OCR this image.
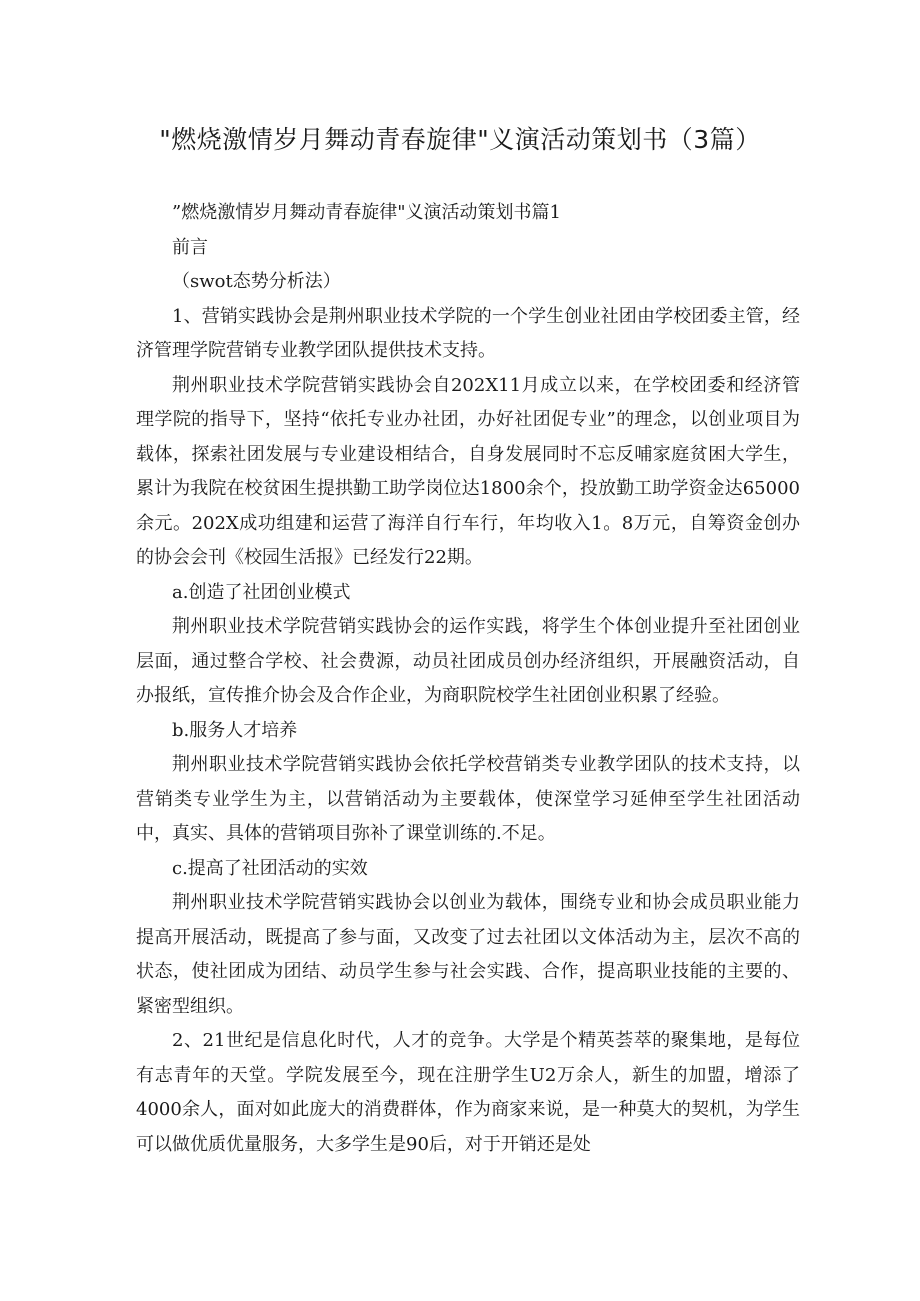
"燃烧激情岁月舞动青春旋律"义演活动策划书（3篇）

”燃烧激情岁月舞动青春旋律"义演活动策划书篇1

前言

（swot态势分析法）

1、营销实践协会是荆州职业技术学院的一个学生创业社团由学校团委主管，经济管理学院营销专业教学团队提供技术支持。

荆州职业技术学院营销实践协会自202X11月成立以来，在学校团委和经济管理学院的指导下，坚持“依托专业办社团，办好社团促专业”的理念，以创业项目为载体，探索社团发展与专业建设相结合，自身发展同时不忘反哺家庭贫困大学生，累计为我院在校贫困生提拱勤工助学岗位达1800余个，投放勤工助学资金达65000余元。202X成功组建和运营了海洋自行车行，年均收入1。8万元，自筹资金创办的协会会刊《校园生活报》已经发行22期。

a.创造了社团创业模式

荆州职业技术学院营销实践协会的运作实践，将学生个体创业提升至社团创业层面，通过整合学校、社会费源，动员社团成员创办经济组织，开展融资活动，自办报纸，宣传推介协会及合作企业，为商职院校学生社团创业积累了经验。

b.服务人才培养

荆州职业技术学院营销实践协会依托学校营销类专业教学团队的技术支持，以营销类专业学生为主，以营销活动为主要载体，使深堂学习延伸至学生社团活动中，真实、具体的营销项目弥补了课堂训练的.不足。

c.提高了社团活动的实效

荆州职业技术学院营销实践协会以创业为载体，围绕专业和协会成员职业能力提高开展活动，既提高了参与面，又改变了过去社团以文体活动为主，层次不高的状态，使社团成为团结、动员学生参与社会实践、合作，提高职业技能的主要的、紧密型组织。

2、21世纪是信息化时代，人才的竞争。大学是个精英荟萃的聚集地，是每位有志青年的天堂。学院发展至今，现在注册学生U2万余人，新生的加盟，增添了4000余人，面对如此庞大的消费群体，作为商家来说，是一种莫大的契机，为学生可以做优质优量服务，大多学生是90后，对于开销还是处
